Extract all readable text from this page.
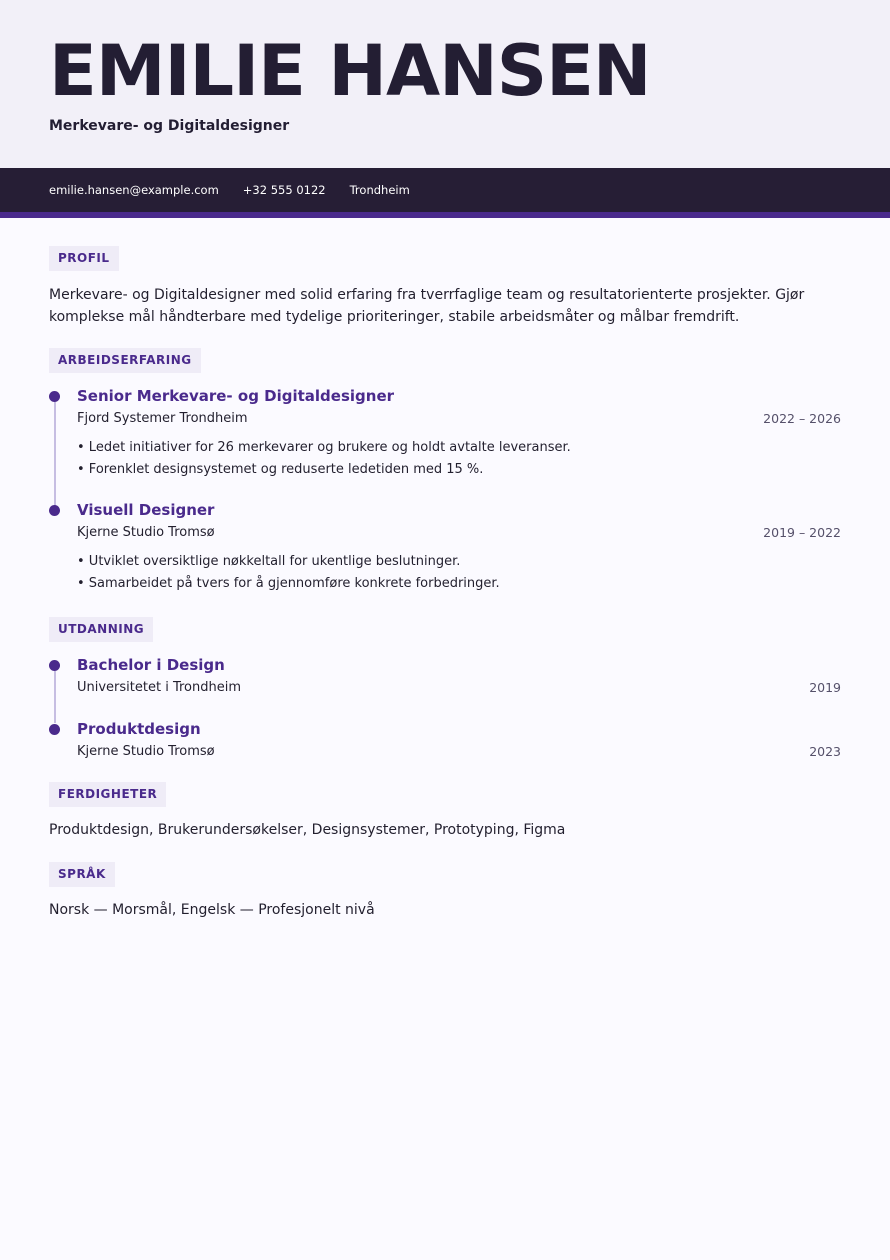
EMILIE HANSEN
Merkevare- og Digitaldesigner
emilie.hansen@example.com +32 555 0122 Trondheim
PROFIL
Merkevare- og Digitaldesigner med solid erfaring fra tverrfaglige team og resultatorienterte prosjekter. Gjør komplekse mål håndterbare med tydelige prioriteringer, stabile arbeidsmåter og målbar fremdrift.
ARBEIDSERFARING
Senior Merkevare- og Digitaldesigner
Fjord Systemer Trondheim	2022 – 2026
• Ledet initiativer for 26 merkevarer og brukere og holdt avtalte leveranser.
• Forenklet designsystemet og reduserte ledetiden med 15 %.
Visuell Designer
Kjerne Studio Tromsø	2019 – 2022
• Utviklet oversiktlige nøkkeltall for ukentlige beslutninger.
• Samarbeidet på tvers for å gjennomføre konkrete forbedringer.
UTDANNING
Bachelor i Design
Universitetet i Trondheim	2019
Produktdesign
Kjerne Studio Tromsø	2023
FERDIGHETER
Produktdesign, Brukerundersøkelser, Designsystemer, Prototyping, Figma
SPRÅK
Norsk — Morsmål, Engelsk — Profesjonelt nivå
